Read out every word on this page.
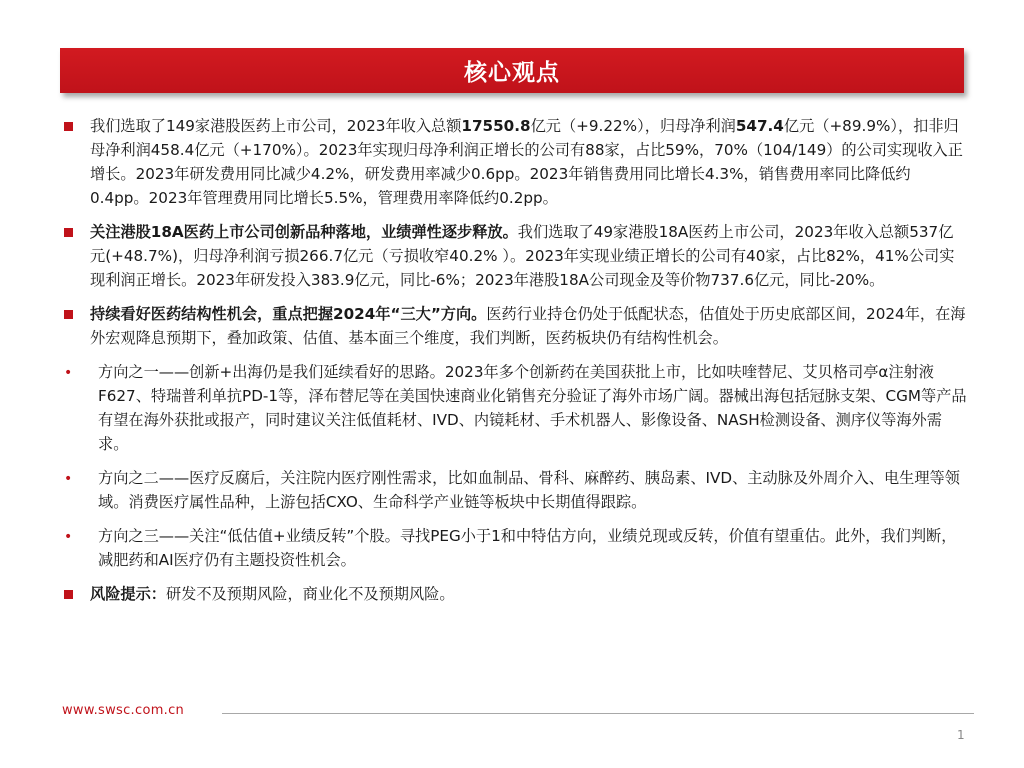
核心观点
我们选取了149家港股医药上市公司，2023年收入总额17550.8亿元（+9.22%），归母净利润547.4亿元（+89.9%），扣非归母净利润458.4亿元（+170%）。2023年实现归母净利润正增长的公司有88家，占比59%，70%（104/149）的公司实现收入正增长。2023年研发费用同比减少4.2%，研发费用率减少0.6pp。2023年销售费用同比增长4.3%，销售费用率同比降低约0.4pp。2023年管理费用同比增长5.5%，管理费用率降低约0.2pp。
关注港股18A医药上市公司创新品种落地，业绩弹性逐步释放。我们选取了49家港股18A医药上市公司，2023年收入总额537亿元(+48.7%)，归母净利润亏损266.7亿元（亏损收窄40.2% ）。2023年实现业绩正增长的公司有40家，占比82%，41%公司实现利润正增长。2023年研发投入383.9亿元，同比-6%；2023年港股18A公司现金及等价物737.6亿元，同比-20%。
持续看好医药结构性机会，重点把握2024年“三大”方向。医药行业持仓仍处于低配状态，估值处于历史底部区间，2024年，在海外宏观降息预期下，叠加政策、估值、基本面三个维度，我们判断，医药板块仍有结构性机会。
• 方向之一——创新+出海仍是我们延续看好的思路。2023年多个创新药在美国获批上市，比如呋喹替尼、艾贝格司亭α注射液F627、特瑞普利单抗PD-1等，泽布替尼等在美国快速商业化销售充分验证了海外市场广阔。器械出海包括冠脉支架、CGM等产品有望在海外获批或报产，同时建议关注低值耗材、IVD、内镜耗材、手术机器人、影像设备、NASH检测设备、测序仪等海外需求。
• 方向之二——医疗反腐后，关注院内医疗刚性需求，比如血制品、骨科、麻醉药、胰岛素、IVD、主动脉及外周介入、电生理等领域。消费医疗属性品种，上游包括CXO、生命科学产业链等板块中长期值得跟踪。
• 方向之三——关注“低估值+业绩反转”个股。寻找PEG小于1和中特估方向，业绩兑现或反转，价值有望重估。此外，我们判断，减肥药和AI医疗仍有主题投资性机会。
风险提示：研发不及预期风险，商业化不及预期风险。
www.swsc.com.cn
1
